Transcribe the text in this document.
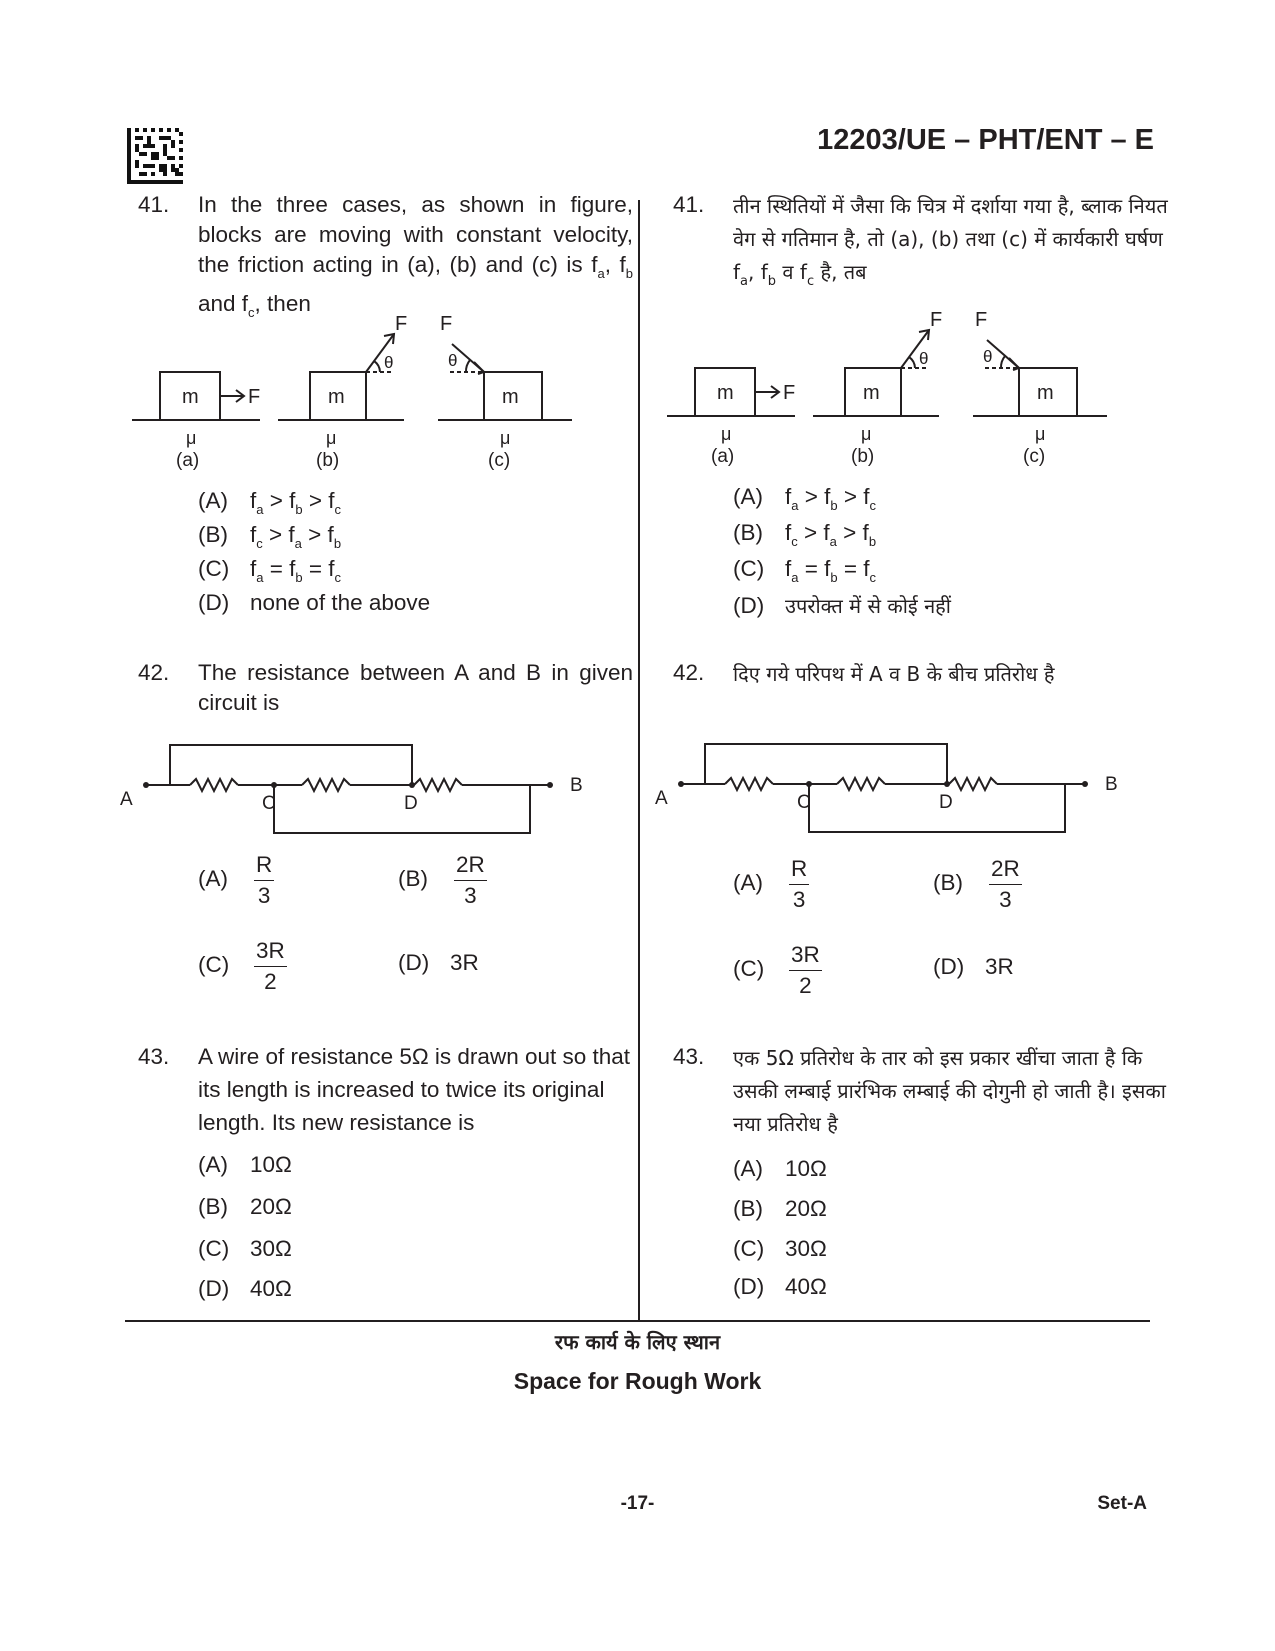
12203/UE – PHT/ENT – E
41.	In the three cases, as shown in figure, blocks are moving with constant velocity, the friction acting in (a), (b) and (c) is $f_a$, $f_b$ and $f_c$, then
m F	m
F
θ
m
F
θ
μ	μ	μ
(a)	(b)	(c)
(A) $f_a > f_b > f_c$
(B) $f_c > f_a > f_b$
(C) $f_a = f_b = f_c$
(D) none of the above
42.	The resistance between A and B in given circuit is
A	C	D
B
$(A) \frac{R}{3}$	$(B) \frac{2R}{3}$
$(C) \frac{3R}{2}$	(D) 3R
43.	A wire of resistance 5Ω is drawn out so that its length is increased to twice its original length. Its new resistance is
(A) 10Ω
(B) 20Ω
(C) 30Ω
(D) 40Ω
41.	तीन स्थितियों में जैसा कि चित्र में दर्शाया गया है, ब्लाक नियत वेग से गतिमान है, तो (a), (b) तथा (c) में कार्यकारी घर्षण $f_a$, $f_b$ व $f_c$ है, तब
m F	m
F
θ
m
F
θ
μ	μ	μ
(a)	(b)	(c)
(A) $f_a > f_b > f_c$
(B) $f_c > f_a > f_b$
(C) $f_a = f_b = f_c$
(D) उपरोक्त में से कोई नहीं
42.	दिए गये परिपथ में A व B के बीच प्रतिरोध है
A	C	D
B
$(A) \frac{R}{3}$	$(B) \frac{2R}{3}$
$(C) \frac{3R}{2}$	(D) 3R
43.	एक 5Ω प्रतिरोध के तार को इस प्रकार खींचा जाता है कि उसकी लम्बाई प्रारंभिक लम्बाई की दोगुनी हो जाती है। इसका नया प्रतिरोध है
(A) 10Ω
(B) 20Ω
(C) 30Ω
(D) 40Ω
रफ कार्य के लिए स्थान
Space for Rough Work
-17-	Set-A
